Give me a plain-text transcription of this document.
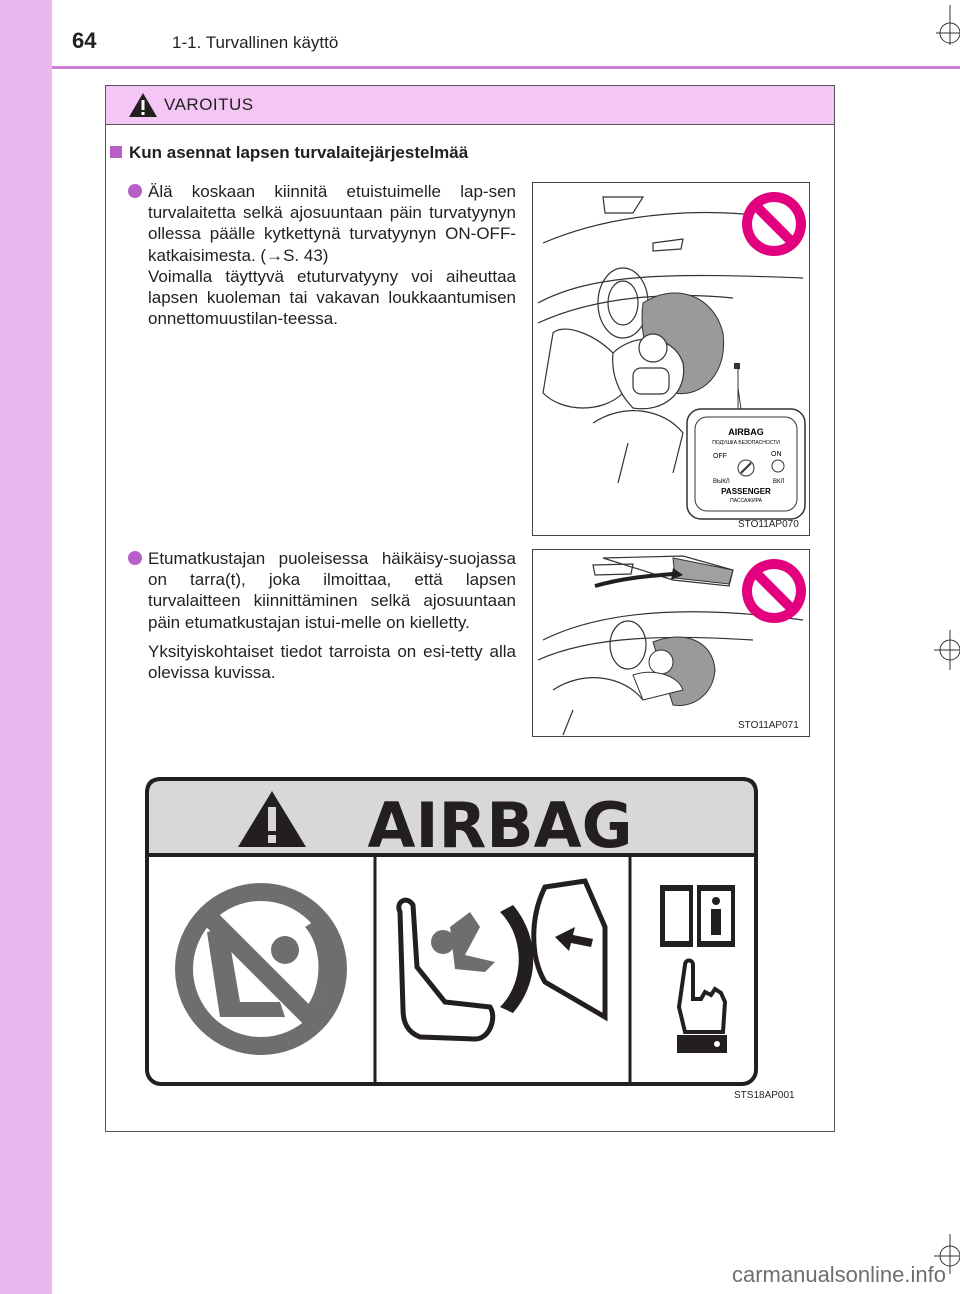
64	1-1. Turvallinen käyttö
VAROITUS
Kun asennat lapsen turvalaitejärjestelmää

Älä koskaan kiinnitä etuistuimelle lap-sen turvalaitetta selkä ajosuuntaan päin turvatyynyn ollessa päälle kytkettynä turvatyynyn ON-OFF-katkaisimesta. (→S. 43)

Voimalla täyttyvä etuturvatyyny voi aiheuttaa lapsen kuoleman tai vakavan loukkaantumisen onnettomuustilan-teessa.

Etumatkustajan puoleisessa häikäisy-suojassa on tarra(t), joka ilmoittaa, että lapsen turvalaitteen kiinnittäminen selkä ajosuuntaan päin etumatkustajan istui-melle on kielletty.

Yksityiskohtaiset tiedot tarroista on esi-tetty alla olevissa kuvissa.

AIRBAG
ПОДУШКА БЕЗОПАСНОСТИ
OFF	ON
ВЫКЛ	ВКЛ
PASSENGER
ПАССАЖИРА
STO11AP070
STO11AP071
AIRBAG
STS18AP001
carmanualsonline.info
